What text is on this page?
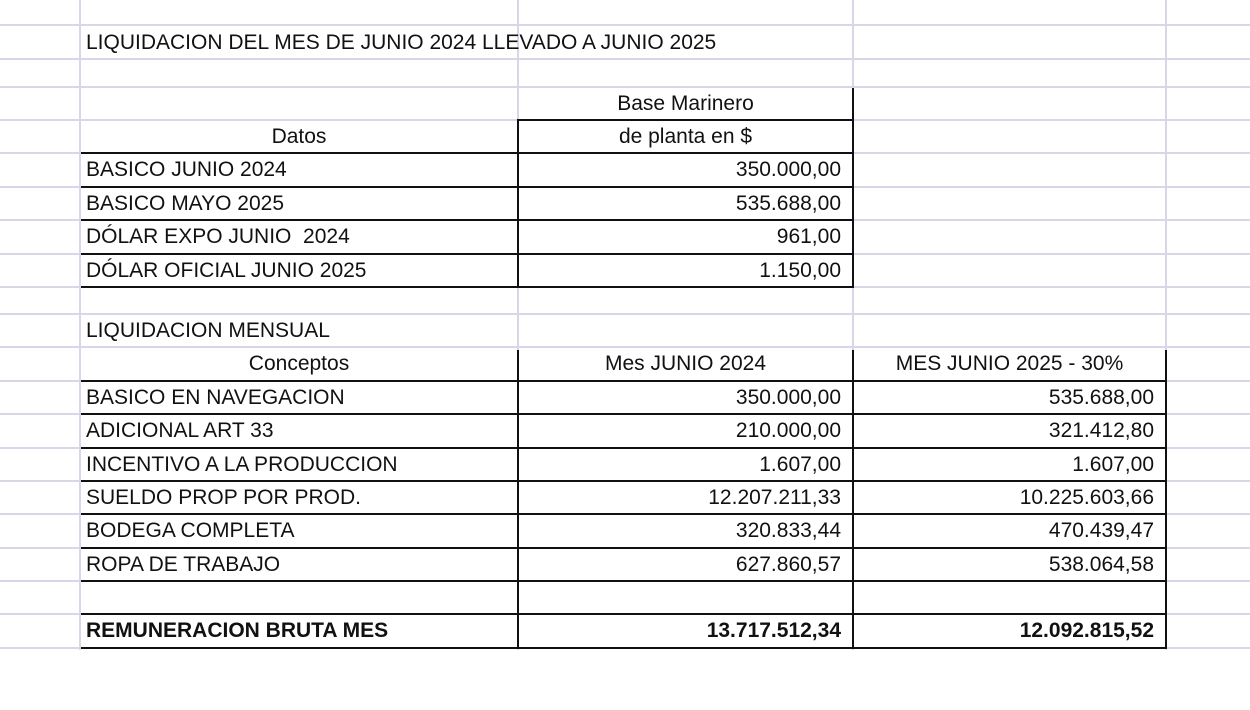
LIQUIDACION DEL MES DE JUNIO 2024 LLEVADO A JUNIO 2025
Base Marinero
Datos	de planta en $
BASICO JUNIO 2024	350.000,00
BASICO MAYO 2025	535.688,00
DÓLAR EXPO JUNIO  2024	961,00
DÓLAR OFICIAL JUNIO 2025	1.150,00
LIQUIDACION MENSUAL
Conceptos	Mes JUNIO 2024	MES JUNIO 2025 - 30%
BASICO EN NAVEGACION	350.000,00	535.688,00
ADICIONAL ART 33	210.000,00	321.412,80
INCENTIVO A LA PRODUCCION	1.607,00	1.607,00
SUELDO PROP POR PROD.	12.207.211,33	10.225.603,66
BODEGA COMPLETA	320.833,44	470.439,47
ROPA DE TRABAJO	627.860,57	538.064,58
REMUNERACION BRUTA MES	13.717.512,34	12.092.815,52
